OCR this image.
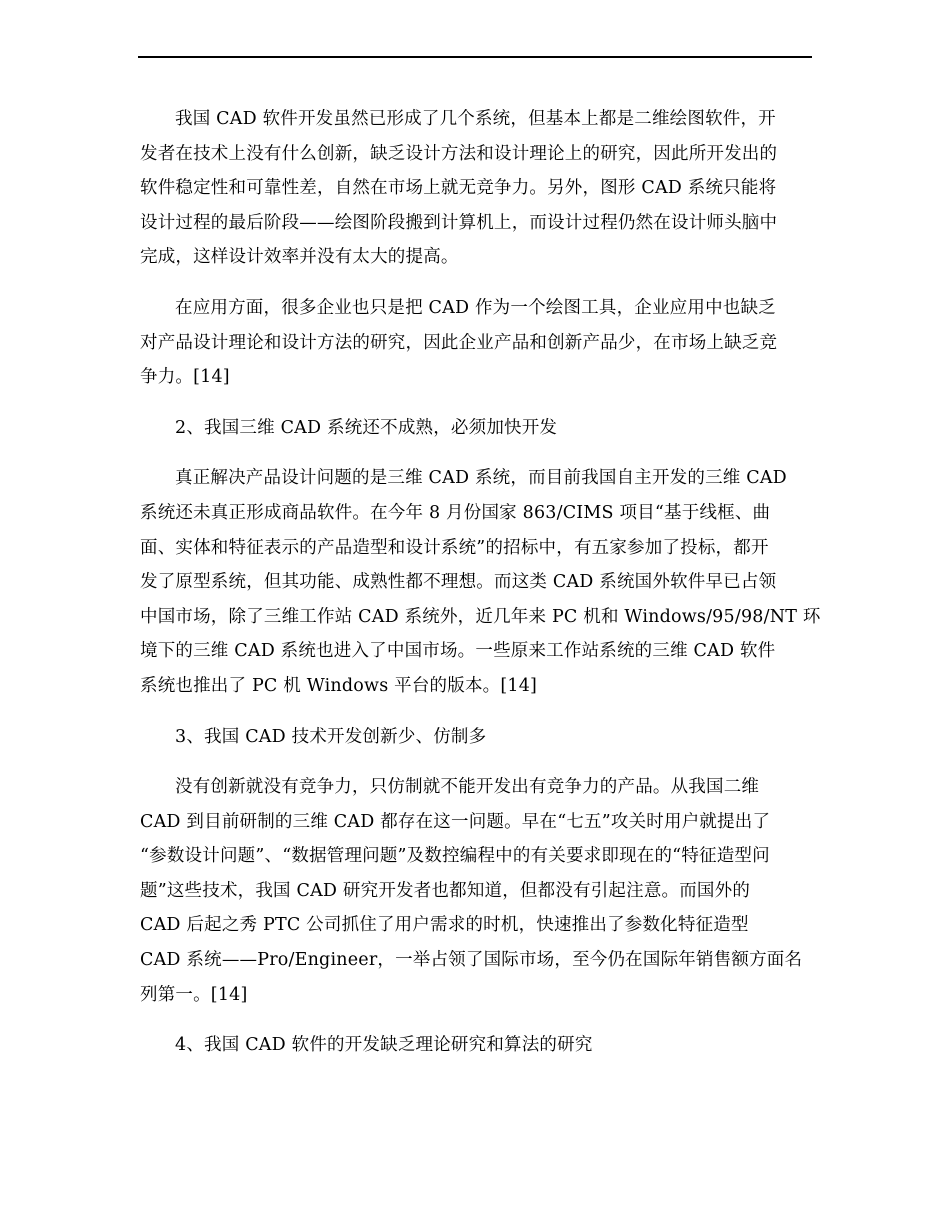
我国 CAD 软件开发虽然已形成了几个系统，但基本上都是二维绘图软件，开
发者在技术上没有什么创新，缺乏设计方法和设计理论上的研究，因此所开发出的
软件稳定性和可靠性差，自然在市场上就无竞争力。另外，图形 CAD 系统只能将
设计过程的最后阶段——绘图阶段搬到计算机上，而设计过程仍然在设计师头脑中
完成，这样设计效率并没有太大的提高。

在应用方面，很多企业也只是把 CAD 作为一个绘图工具，企业应用中也缺乏
对产品设计理论和设计方法的研究，因此企业产品和创新产品少，在市场上缺乏竞
争力。[14]

2、我国三维 CAD 系统还不成熟，必须加快开发

真正解决产品设计问题的是三维 CAD 系统，而目前我国自主开发的三维 CAD
系统还未真正形成商品软件。在今年 8 月份国家 863/CIMS 项目“基于线框、曲
面、实体和特征表示的产品造型和设计系统”的招标中，有五家参加了投标，都开
发了原型系统，但其功能、成熟性都不理想。而这类 CAD 系统国外软件早已占领
中国市场，除了三维工作站 CAD 系统外，近几年来 PC 机和 Windows/95/98/NT 环
境下的三维 CAD 系统也进入了中国市场。一些原来工作站系统的三维 CAD 软件
系统也推出了 PC 机 Windows 平台的版本。[14]

3、我国 CAD 技术开发创新少、仿制多

没有创新就没有竞争力，只仿制就不能开发出有竞争力的产品。从我国二维
CAD 到目前研制的三维 CAD 都存在这一问题。早在“七五”攻关时用户就提出了
“参数设计问题”、“数据管理问题”及数控编程中的有关要求即现在的“特征造型问
题”这些技术，我国 CAD 研究开发者也都知道，但都没有引起注意。而国外的
CAD 后起之秀 PTC 公司抓住了用户需求的时机，快速推出了参数化特征造型
CAD 系统——Pro/Engineer，一举占领了国际市场，至今仍在国际年销售额方面名
列第一。[14]

4、我国 CAD 软件的开发缺乏理论研究和算法的研究
